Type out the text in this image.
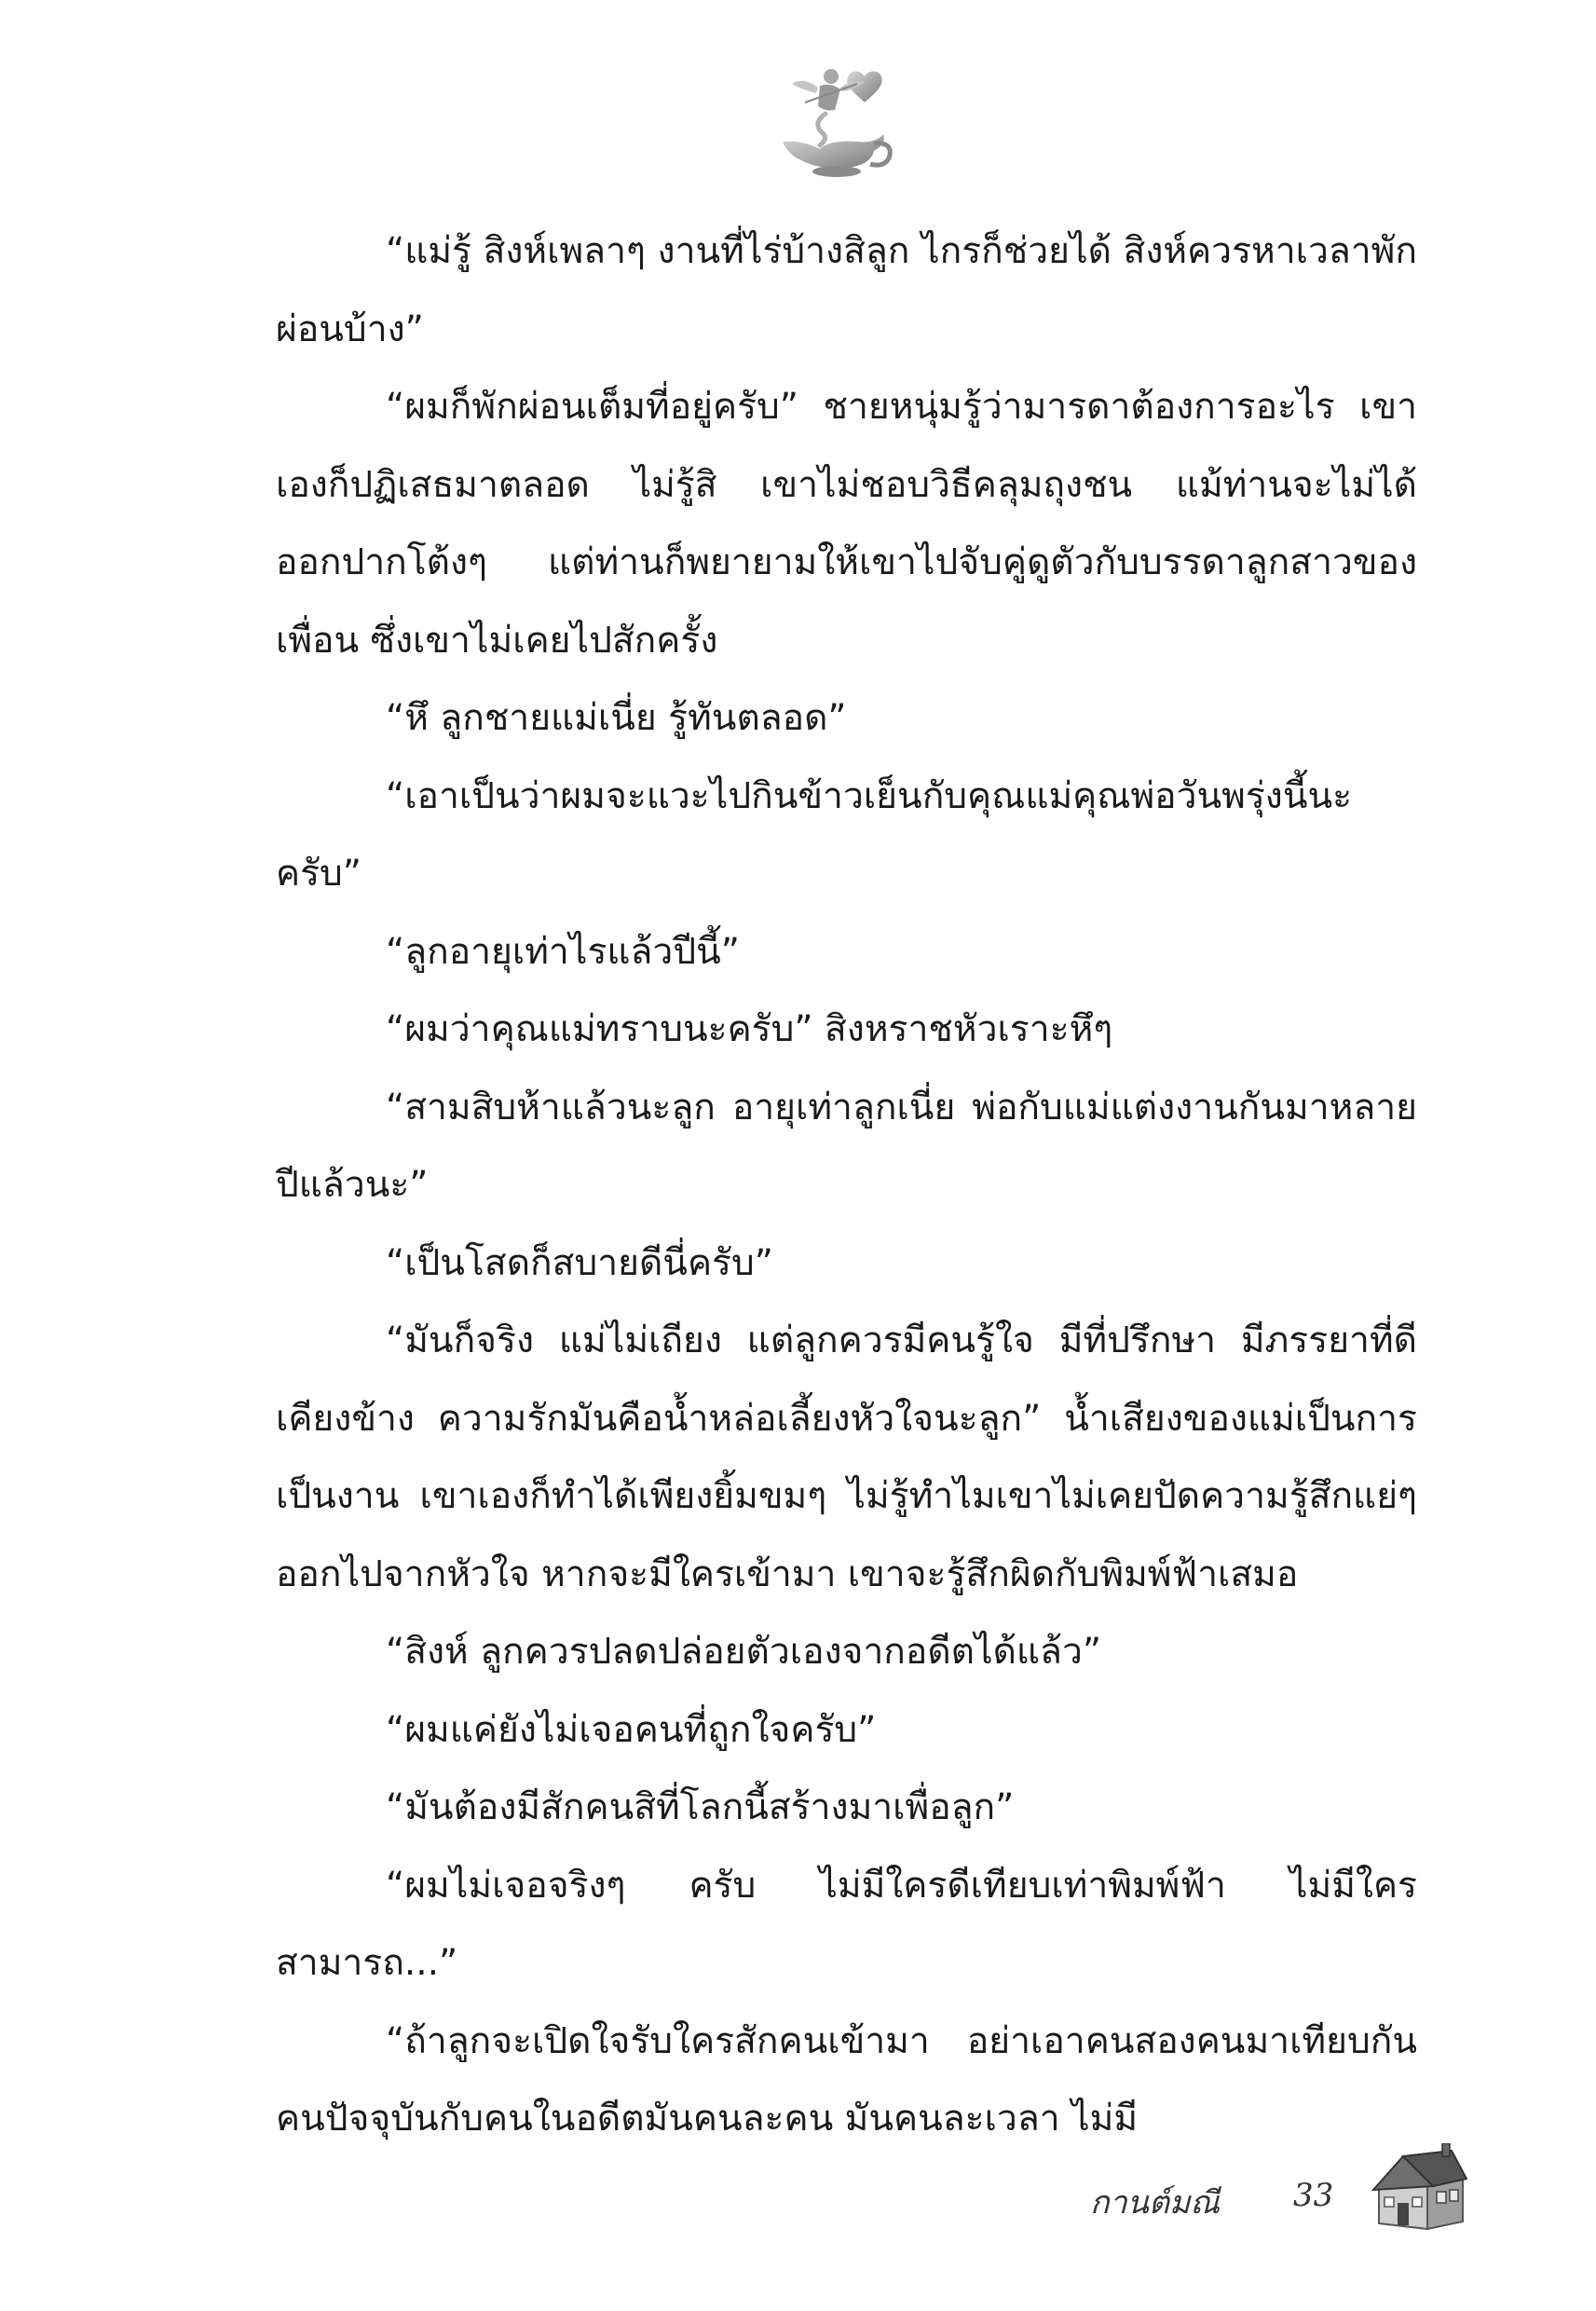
“แม่รู้ สิงห์เพลาๆ งานที่ไร่บ้างสิลูก ไกรก็ช่วยได้ สิงห์ควรหาเวลาพักผ่อนบ้าง”

“ผมก็พักผ่อนเต็มที่อยู่ครับ” ชายหนุ่มรู้ว่ามารดาต้องการอะไร เขาเองก็ปฏิเสธมาตลอด ไม่รู้สิ เขาไม่ชอบวิธีคลุมถุงชน แม้ท่านจะไม่ได้ออกปากโต้งๆ แต่ท่านก็พยายามให้เขาไปจับคู่ดูตัวกับบรรดาลูกสาวของเพื่อน ซึ่งเขาไม่เคยไปสักครั้ง

“หึ ลูกชายแม่เนี่ย รู้ทันตลอด”

“เอาเป็นว่าผมจะแวะไปกินข้าวเย็นกับคุณแม่คุณพ่อวันพรุ่งนี้นะครับ”

“ลูกอายุเท่าไรแล้วปีนี้”

“ผมว่าคุณแม่ทราบนะครับ” สิงหราชหัวเราะหึๆ

“สามสิบห้าแล้วนะลูก อายุเท่าลูกเนี่ย พ่อกับแม่แต่งงานกันมาหลายปีแล้วนะ”

“เป็นโสดก็สบายดีนี่ครับ”

“มันก็จริง แม่ไม่เถียง แต่ลูกควรมีคนรู้ใจ มีที่ปรึกษา มีภรรยาที่ดีเคียงข้าง ความรักมันคือน้ำหล่อเลี้ยงหัวใจนะลูก” น้ำเสียงของแม่เป็นการเป็นงาน เขาเองก็ทำได้เพียงยิ้มขมๆ ไม่รู้ทำไมเขาไม่เคยปัดความรู้สึกแย่ๆ ออกไปจากหัวใจ หากจะมีใครเข้ามา เขาจะรู้สึกผิดกับพิมพ์ฟ้าเสมอ

“สิงห์ ลูกควรปลดปล่อยตัวเองจากอดีตได้แล้ว”

“ผมแค่ยังไม่เจอคนที่ถูกใจครับ”

“มันต้องมีสักคนสิที่โลกนี้สร้างมาเพื่อลูก”

“ผมไม่เจอจริงๆ ครับ ไม่มีใครดีเทียบเท่าพิมพ์ฟ้า ไม่มีใครสามารถ...”

“ถ้าลูกจะเปิดใจรับใครสักคนเข้ามา อย่าเอาคนสองคนมาเทียบกัน คนปัจจุบันกับคนในอดีตมันคนละคน มันคนละเวลา ไม่มี

กานต์มณี 33
